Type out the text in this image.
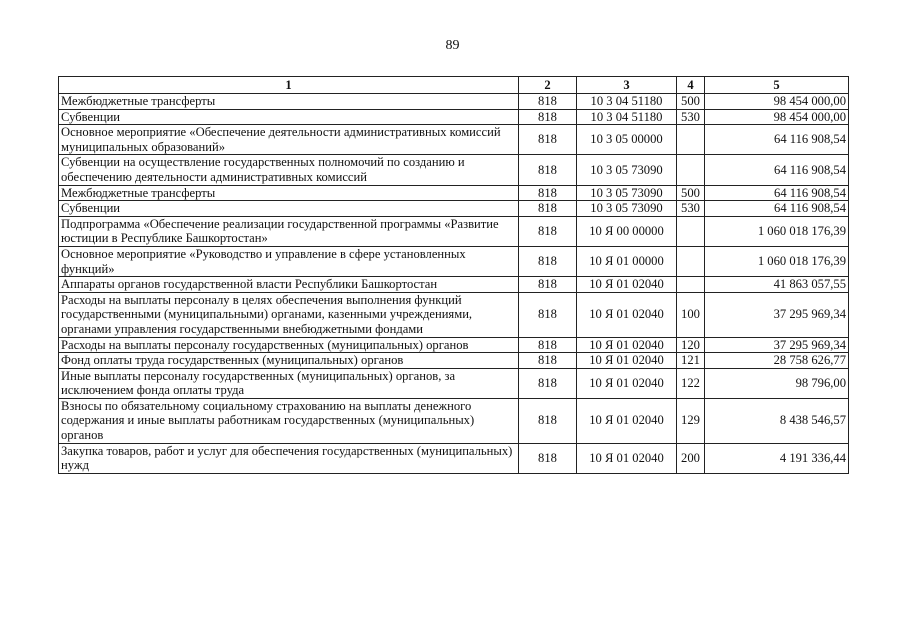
89
1	2	3	4	5
Межбюджетные трансферты	818	10 3 04 51180	500	98 454 000,00
Субвенции	818	10 3 04 51180	530	98 454 000,00
Основное мероприятие «Обеспечение деятельности административных комиссий муниципальных образований»	818	10 3 05 00000		64 116 908,54
Субвенции на осуществление государственных полномочий по созданию и обеспечению деятельности административных комиссий	818	10 3 05 73090		64 116 908,54
Межбюджетные трансферты	818	10 3 05 73090	500	64 116 908,54
Субвенции	818	10 3 05 73090	530	64 116 908,54
Подпрограмма «Обеспечение реализации государственной программы «Развитие юстиции в Республике Башкортостан»	818	10 Я 00 00000		1 060 018 176,39
Основное мероприятие «Руководство и управление в сфере установленных функций»	818	10 Я 01 00000		1 060 018 176,39
Аппараты органов государственной власти Республики Башкортостан	818	10 Я 01 02040		41 863 057,55
Расходы на выплаты персоналу в целях обеспечения выполнения функций государственными (муниципальными) органами, казенными учреждениями, органами управления государственными внебюджетными фондами	818	10 Я 01 02040	100	37 295 969,34
Расходы на выплаты персоналу государственных (муниципальных) органов	818	10 Я 01 02040	120	37 295 969,34
Фонд оплаты труда государственных (муниципальных) органов	818	10 Я 01 02040	121	28 758 626,77
Иные выплаты персоналу государственных (муниципальных) органов, за исключением фонда оплаты труда	818	10 Я 01 02040	122	98 796,00
Взносы по обязательному социальному страхованию на выплаты денежного содержания и иные выплаты работникам государственных (муниципальных) органов	818	10 Я 01 02040	129	8 438 546,57
Закупка товаров, работ и услуг для обеспечения государственных (муниципальных) нужд	818	10 Я 01 02040	200	4 191 336,44
